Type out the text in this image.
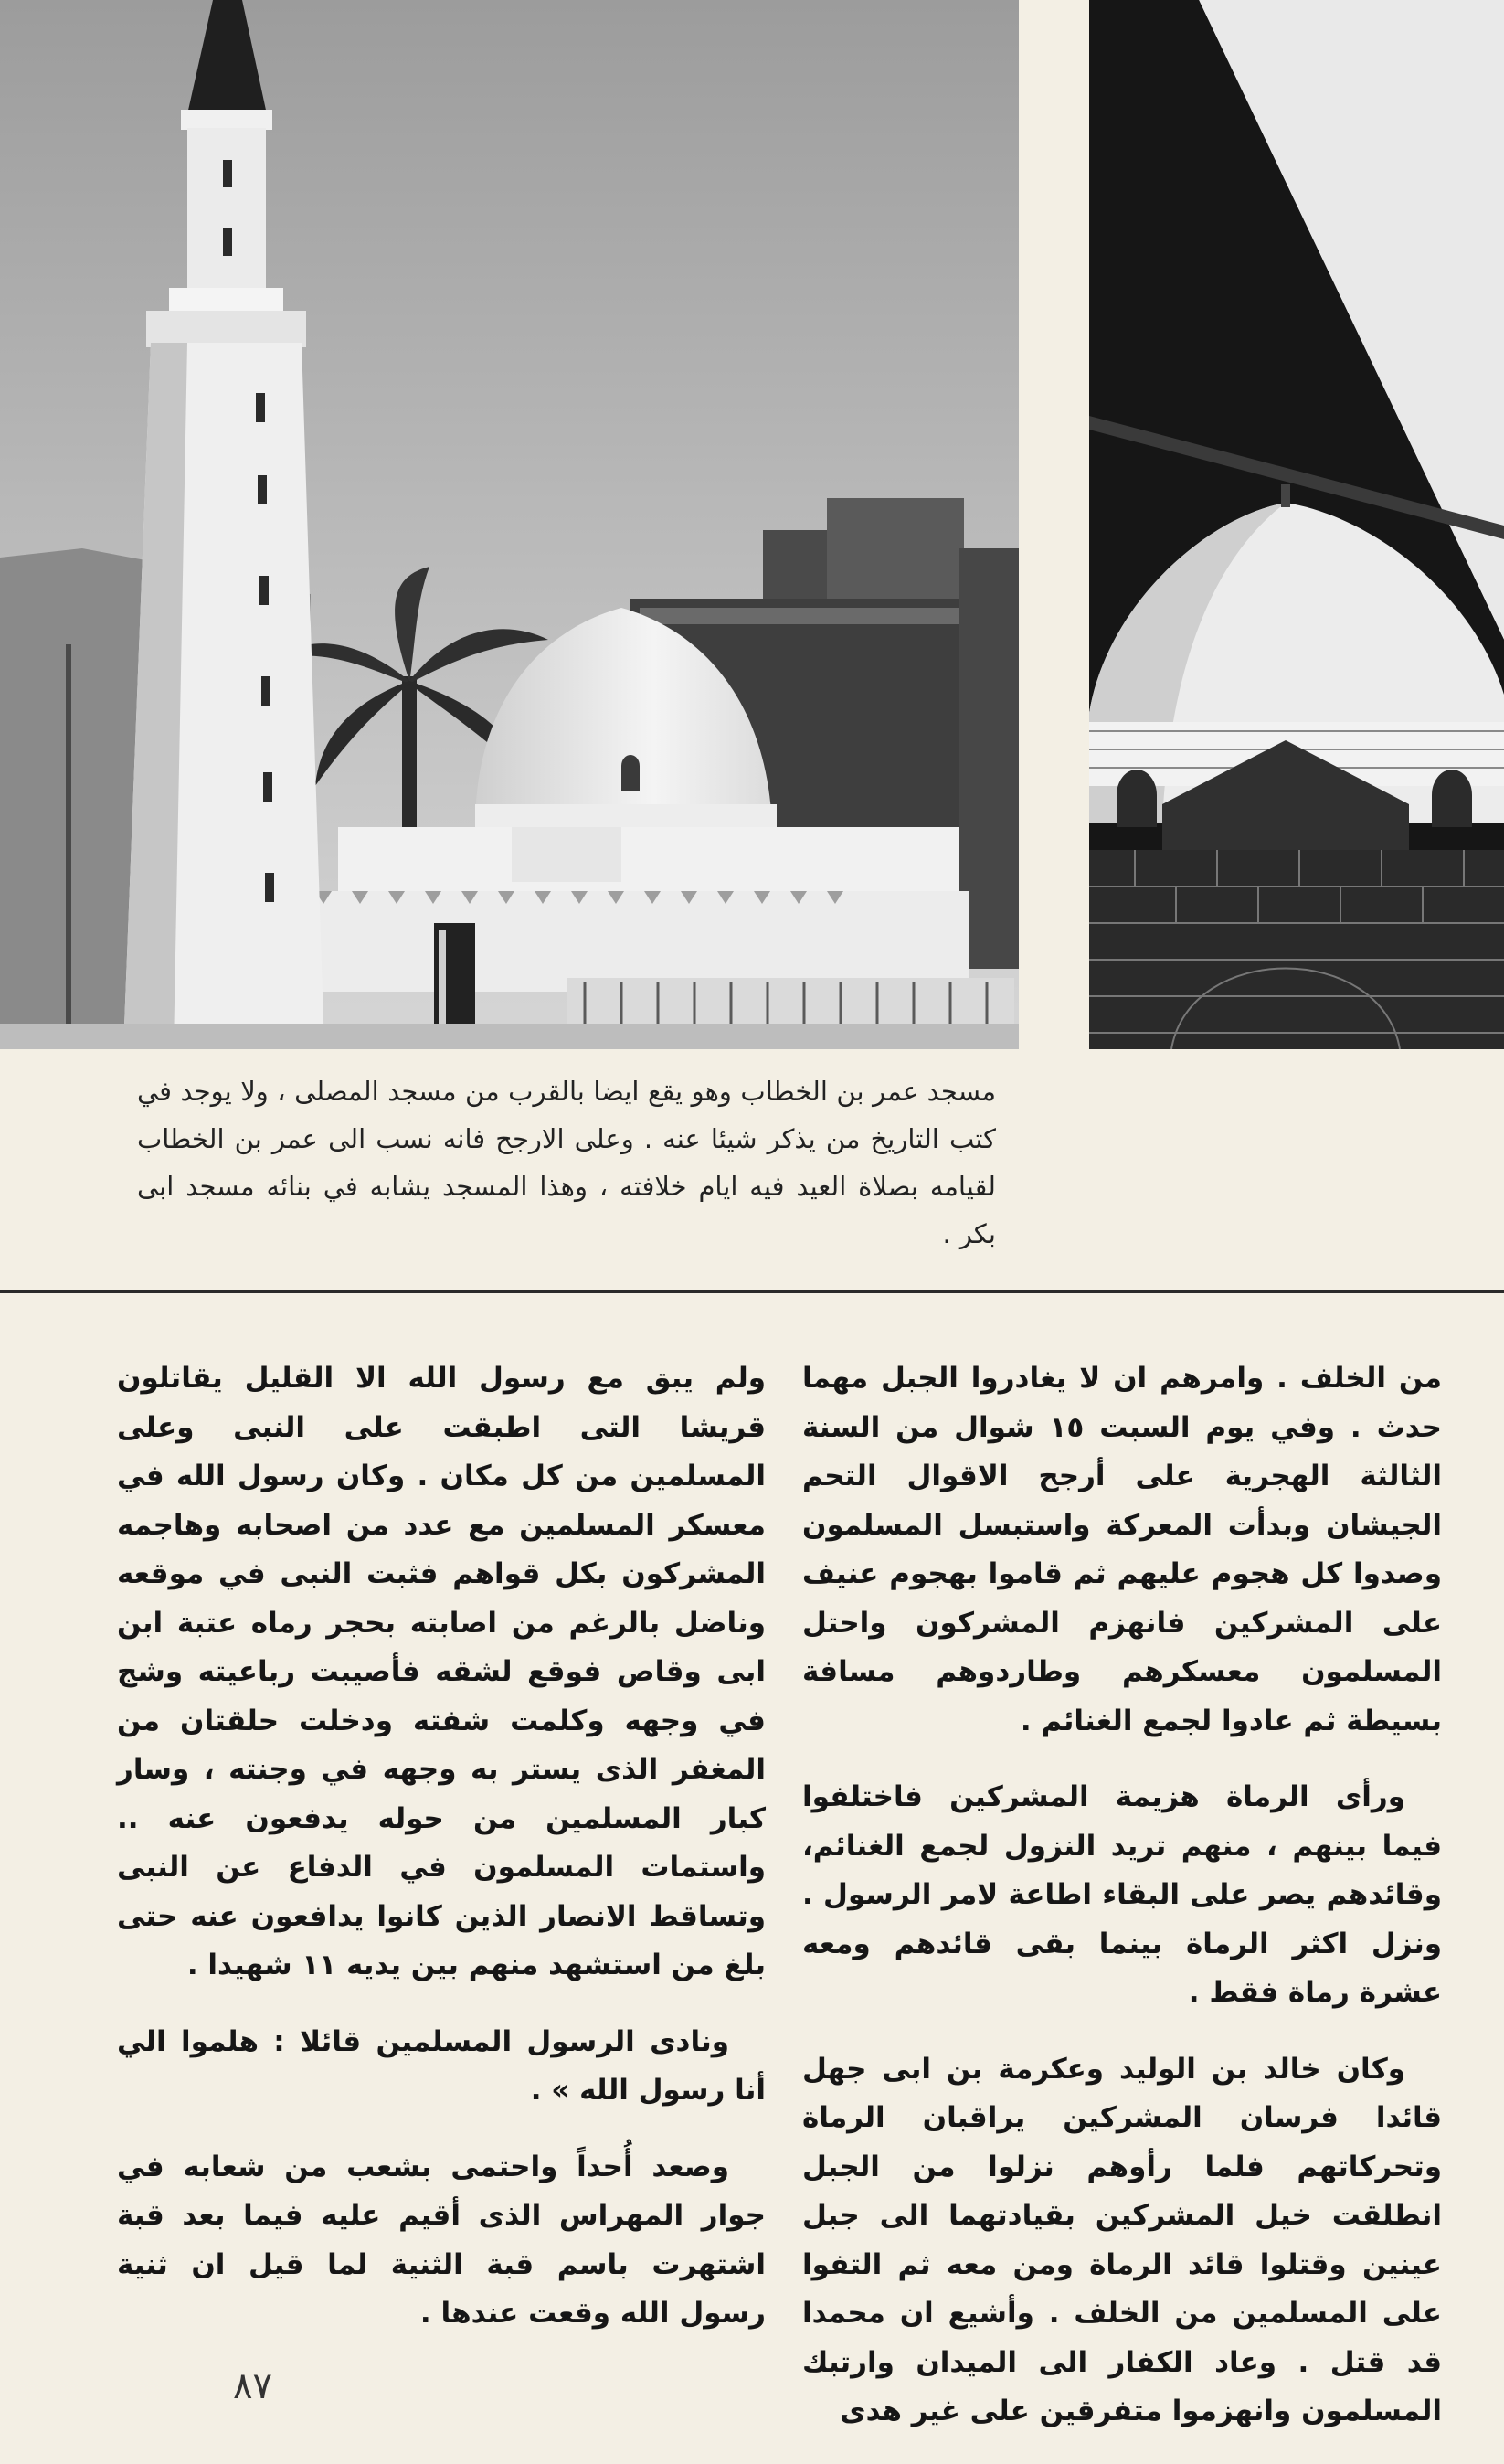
مسجد عمر بن الخطاب وهو يقع ايضا بالقرب من مسجد المصلى ، ولا يوجد في كتب التاريخ من يذكر شيئا عنه . وعلى الارجح فانه نسب الى عمر بن الخطاب لقيامه بصلاة العيد فيه ايام خلافته ، وهذا المسجد يشابه في بنائه مسجد ابى بكر .

من الخلف . وامرهم ان لا يغادروا الجبل مهما حدث . وفي يوم السبت ١٥ شوال من السنة الثالثة الهجرية على أرجح الاقوال التحم الجيشان وبدأت المعركة واستبسل المسلمون وصدوا كل هجوم عليهم ثم قاموا بهجوم عنيف على المشركين فانهزم المشركون واحتل المسلمون معسكرهم وطاردوهم مسافة بسيطة ثم عادوا لجمع الغنائم .

ورأى الرماة هزيمة المشركين فاختلفوا فيما بينهم ، منهم تريد النزول لجمع الغنائم، وقائدهم يصر على البقاء اطاعة لامر الرسول . ونزل اكثر الرماة بينما بقى قائدهم ومعه عشرة رماة فقط .

وكان خالد بن الوليد وعكرمة بن ابى جهل قائدا فرسان المشركين يراقبان الرماة وتحركاتهم فلما رأوهم نزلوا من الجبل انطلقت خيل المشركين بقيادتهما الى جبل عينين وقتلوا قائد الرماة ومن معه ثم التفوا على المسلمين من الخلف . وأشيع ان محمدا قد قتل . وعاد الكفار الى الميدان وارتبك المسلمون وانهزموا متفرقين على غير هدى

ولم يبق مع رسول الله الا القليل يقاتلون قريشا التى اطبقت على النبى وعلى المسلمين من كل مكان . وكان رسول الله في معسكر المسلمين مع عدد من اصحابه وهاجمه المشركون بكل قواهم فثبت النبى في موقعه وناضل بالرغم من اصابته بحجر رماه عتبة ابن ابى وقاص فوقع لشقه فأصيبت رباعيته وشج في وجهه وكلمت شفته ودخلت حلقتان من المغفر الذى يستر به وجهه في وجنته ، وسار كبار المسلمين من حوله يدفعون عنه .. واستمات المسلمون في الدفاع عن النبى وتساقط الانصار الذين كانوا يدافعون عنه حتى بلغ من استشهد منهم بين يديه ١١ شهيدا .

ونادى الرسول المسلمين قائلا : هلموا الي أنا رسول الله » .

وصعد أُحداً واحتمى بشعب من شعابه في جوار المهراس الذى أقيم عليه فيما بعد قبة اشتهرت باسم قبة الثنية لما قيل ان ثنية رسول الله وقعت عندها .

٨٧
